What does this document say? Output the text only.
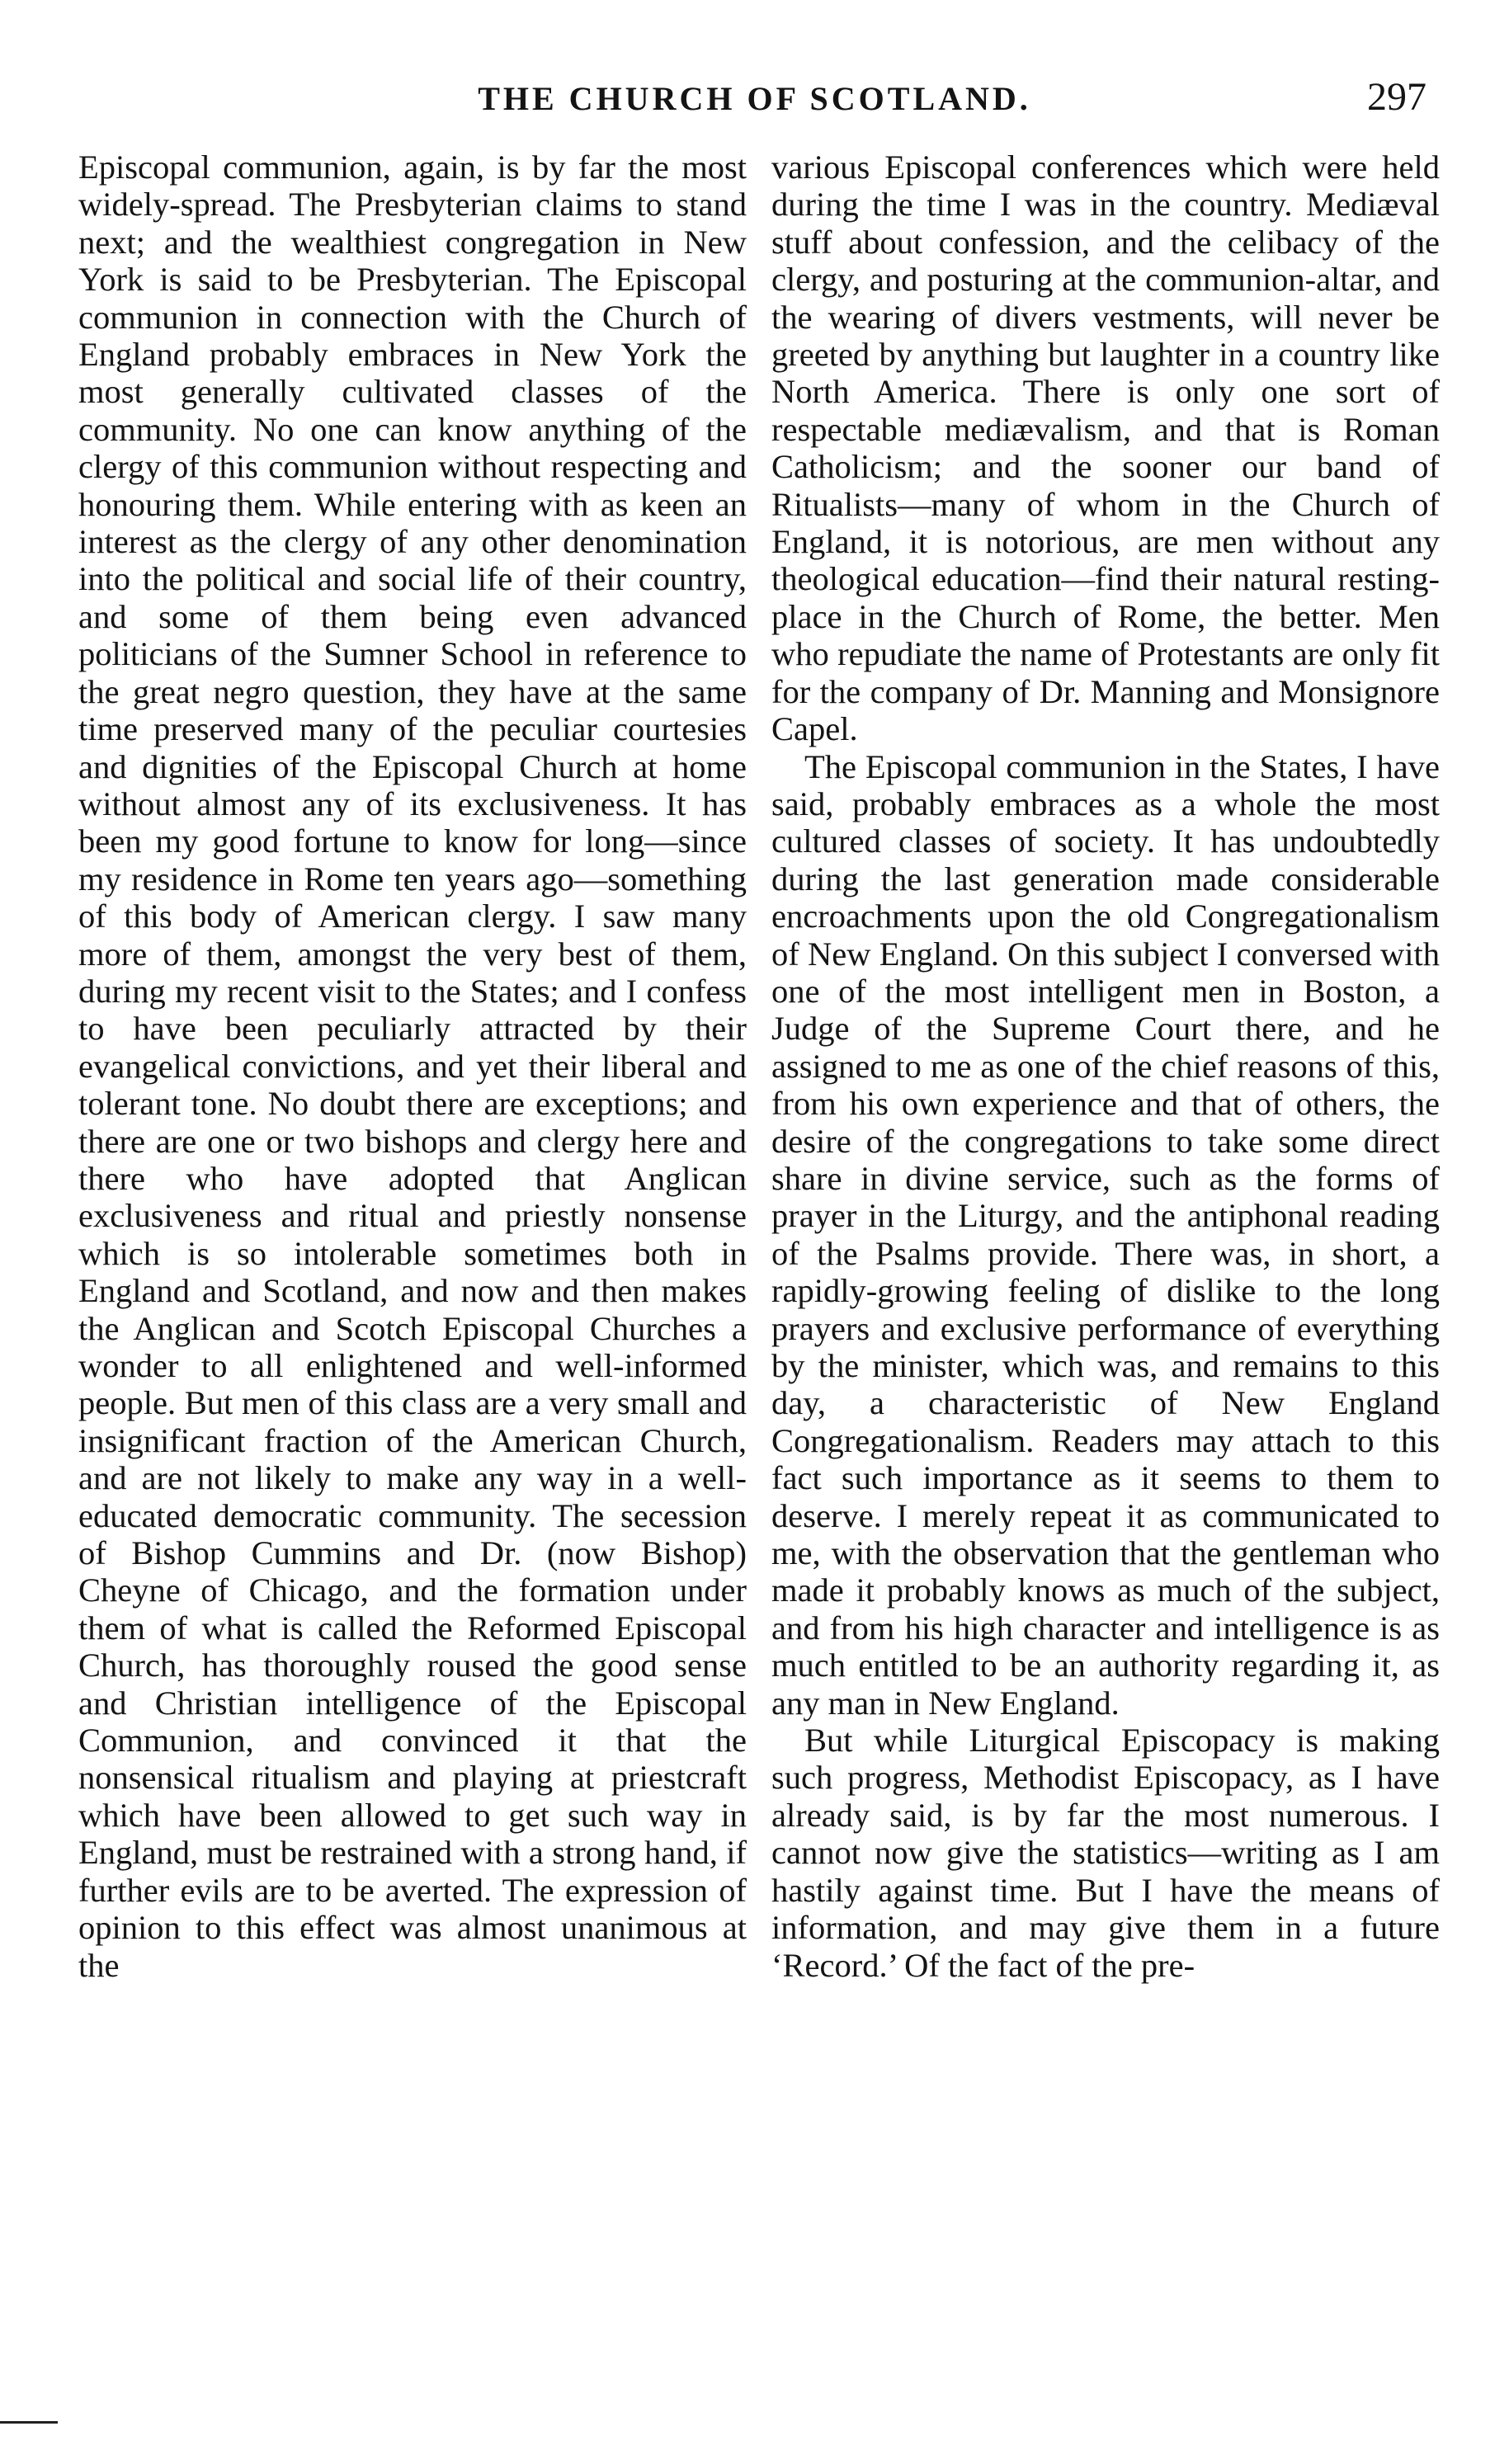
THE CHURCH OF SCOTLAND.	297

Episcopal communion, again, is by far the most widely-spread. The Presbyterian claims to stand next; and the wealthiest congregation in New York is said to be Presbyterian. The Episcopal communion in connection with the Church of England probably embraces in New York the most generally cultivated classes of the community. No one can know anything of the clergy of this communion without respecting and honouring them. While entering with as keen an interest as the clergy of any other denomination into the political and social life of their country, and some of them being even advanced politicians of the Sumner School in reference to the great negro question, they have at the same time preserved many of the peculiar courtesies and dignities of the Episcopal Church at home without almost any of its exclusiveness. It has been my good fortune to know for long—since my residence in Rome ten years ago—something of this body of American clergy. I saw many more of them, amongst the very best of them, during my recent visit to the States; and I confess to have been peculiarly attracted by their evangelical convictions, and yet their liberal and tolerant tone. No doubt there are exceptions; and there are one or two bishops and clergy here and there who have adopted that Anglican exclusiveness and ritual and priestly nonsense which is so intolerable sometimes both in England and Scotland, and now and then makes the Anglican and Scotch Episcopal Churches a wonder to all enlightened and well-informed people. But men of this class are a very small and insignificant fraction of the American Church, and are not likely to make any way in a well-educated democratic community. The secession of Bishop Cummins and Dr. (now Bishop) Cheyne of Chicago, and the formation under them of what is called the Reformed Episcopal Church, has thoroughly roused the good sense and Christian intelligence of the Episcopal Communion, and convinced it that the nonsensical ritualism and playing at priestcraft which have been allowed to get such way in England, must be restrained with a strong hand, if further evils are to be averted. The expression of opinion to this effect was almost unanimous at the

various Episcopal conferences which were held during the time I was in the country. Mediæval stuff about confession, and the celibacy of the clergy, and posturing at the communion-altar, and the wearing of divers vestments, will never be greeted by anything but laughter in a country like North America. There is only one sort of respectable mediævalism, and that is Roman Catholicism; and the sooner our band of Ritualists—many of whom in the Church of England, it is notorious, are men without any theological education—find their natural resting-place in the Church of Rome, the better. Men who repudiate the name of Protestants are only fit for the company of Dr. Manning and Monsignore Capel.

The Episcopal communion in the States, I have said, probably embraces as a whole the most cultured classes of society. It has undoubtedly during the last generation made considerable encroachments upon the old Congregationalism of New England. On this subject I conversed with one of the most intelligent men in Boston, a Judge of the Supreme Court there, and he assigned to me as one of the chief reasons of this, from his own experience and that of others, the desire of the congregations to take some direct share in divine service, such as the forms of prayer in the Liturgy, and the antiphonal reading of the Psalms provide. There was, in short, a rapidly-growing feeling of dislike to the long prayers and exclusive performance of everything by the minister, which was, and remains to this day, a characteristic of New England Congregationalism. Readers may attach to this fact such importance as it seems to them to deserve. I merely repeat it as communicated to me, with the observation that the gentleman who made it probably knows as much of the subject, and from his high character and intelligence is as much entitled to be an authority regarding it, as any man in New England.

But while Liturgical Episcopacy is making such progress, Methodist Episcopacy, as I have already said, is by far the most numerous. I cannot now give the statistics—writing as I am hastily against time. But I have the means of information, and may give them in a future ‘Record.’ Of the fact of the pre-
